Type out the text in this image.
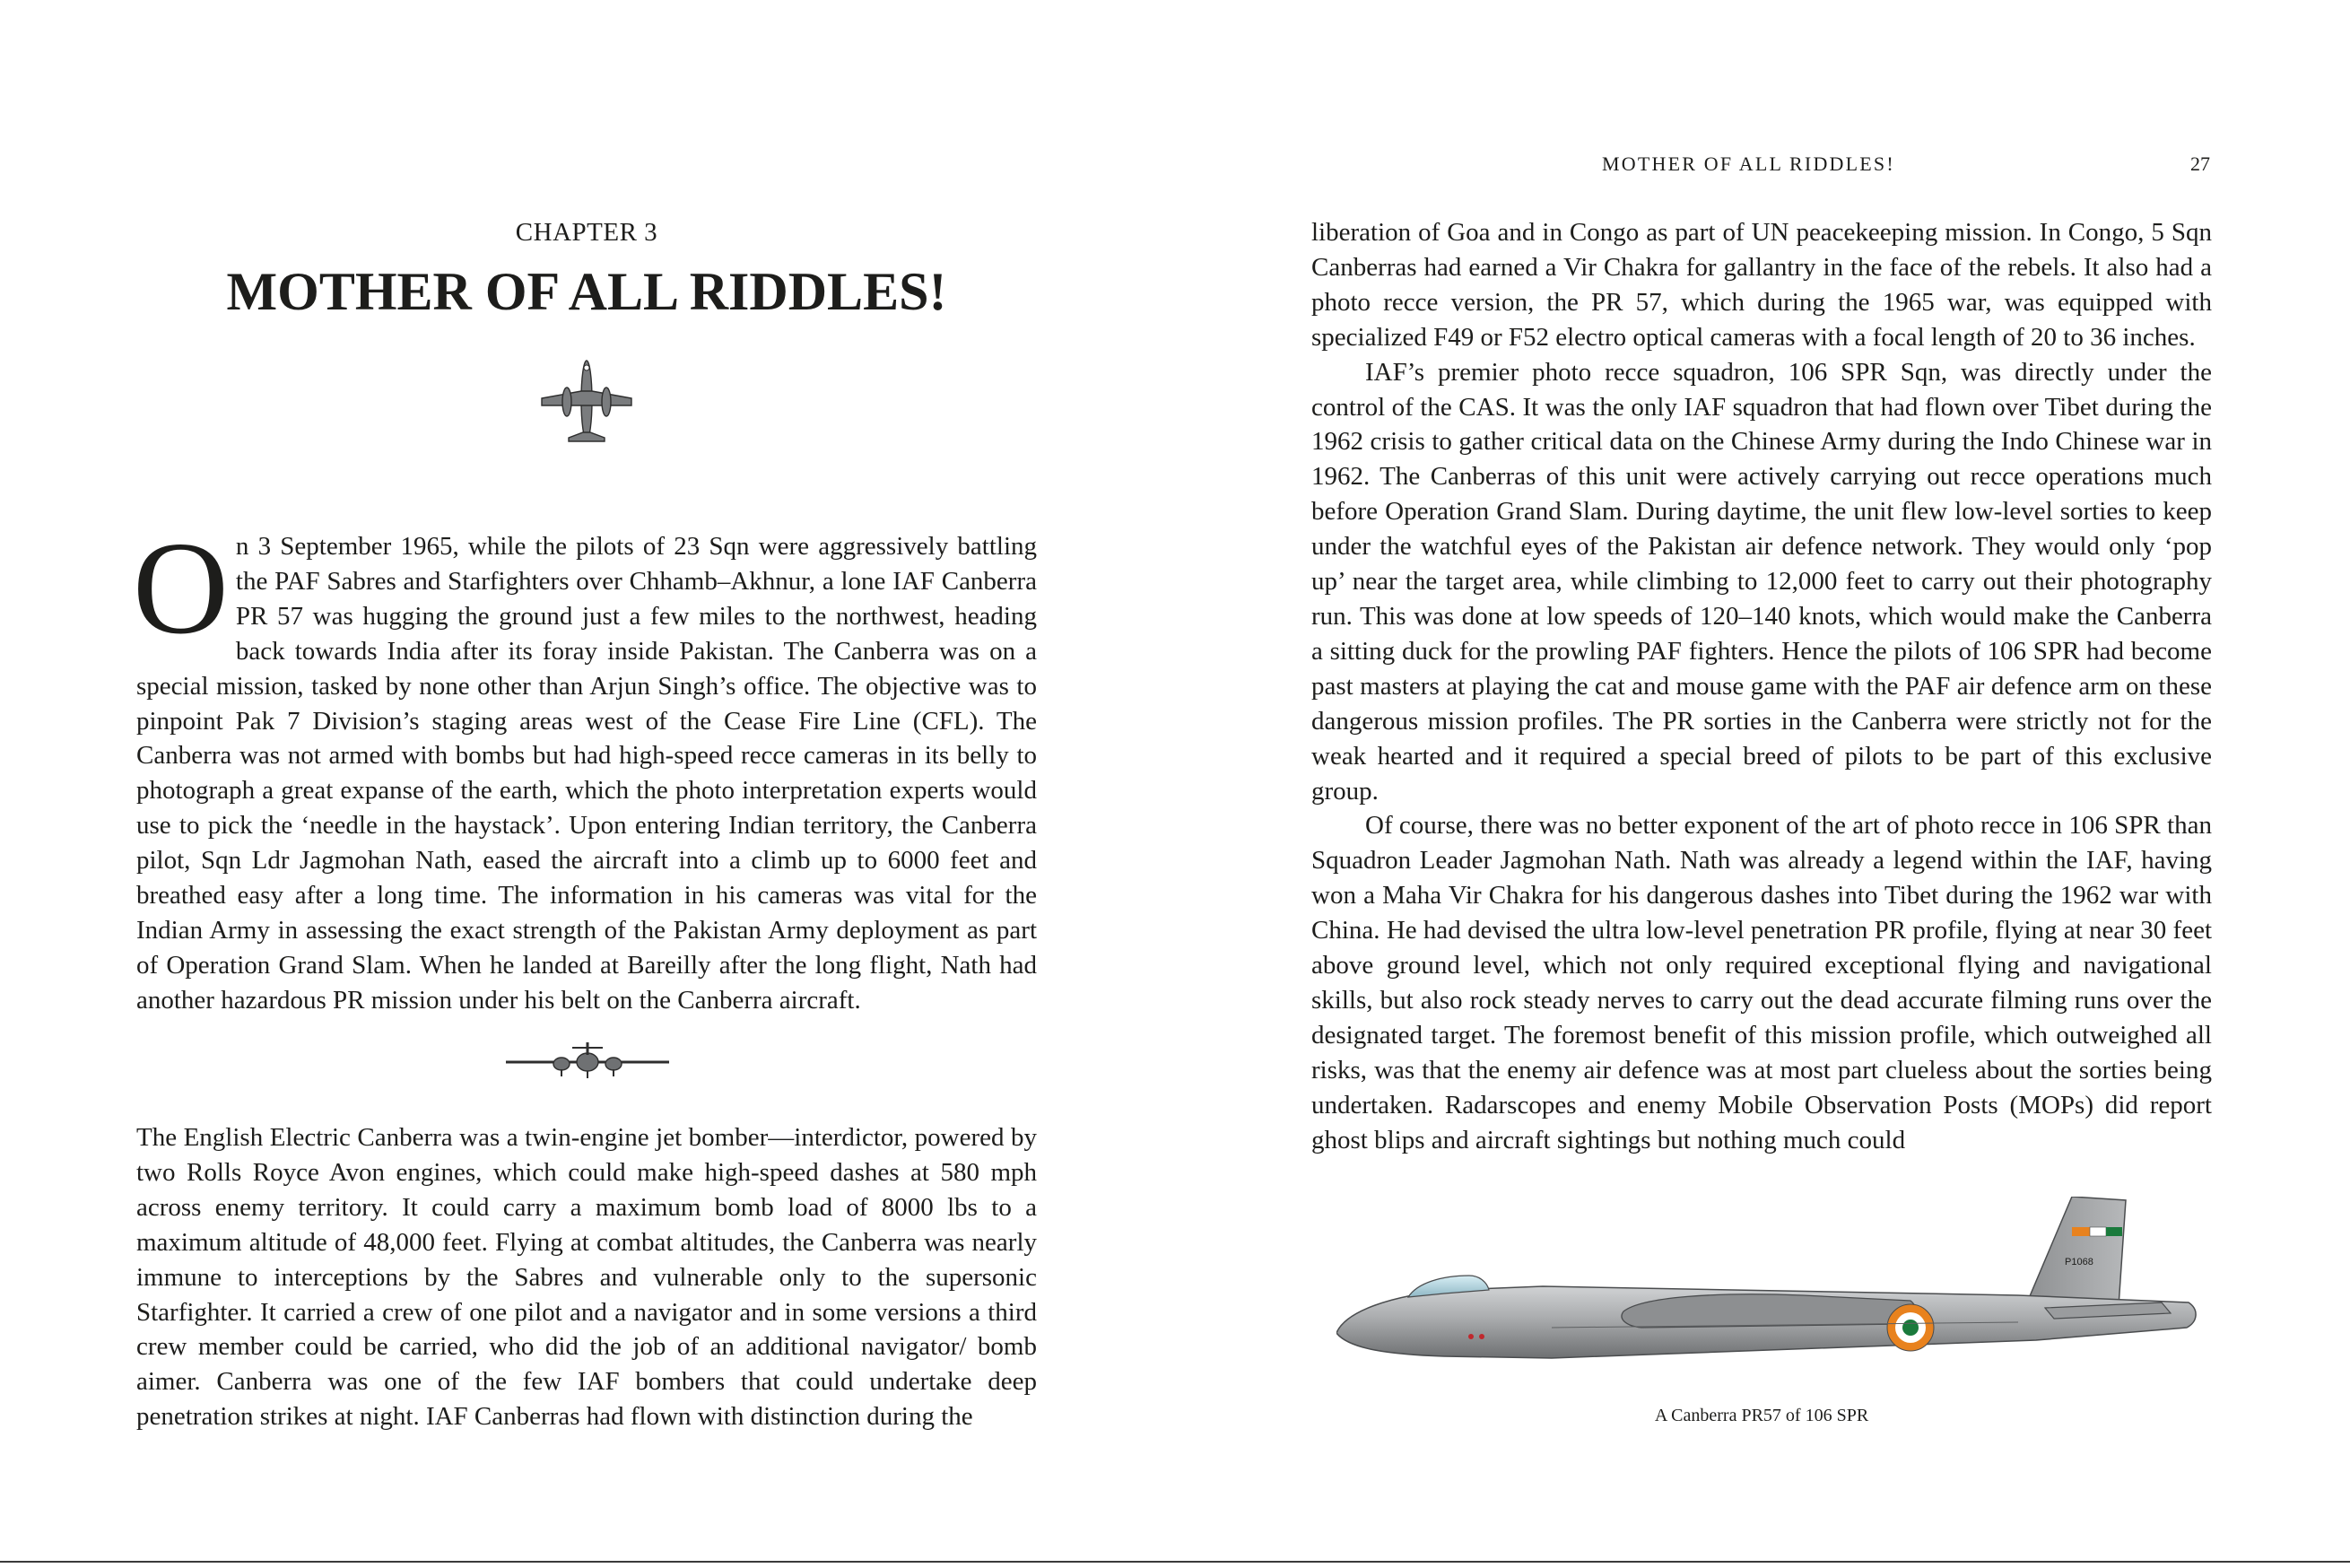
CHAPTER 3
MOTHER OF ALL RIDDLES!
On 3 September 1965, while the pilots of 23 Sqn were aggressively battling the PAF Sabres and Starfighters over Chhamb–Akhnur, a lone IAF Canberra PR 57 was hugging the ground just a few miles to the northwest, heading back towards India after its foray inside Pakistan. The Canberra was on a special mission, tasked by none other than Arjun Singh’s office. The objective was to pinpoint Pak 7 Division’s staging areas west of the Cease Fire Line (CFL). The Canberra was not armed with bombs but had high-speed recce cameras in its belly to photograph a great expanse of the earth, which the photo interpretation experts would use to pick the ‘needle in the haystack’. Upon entering Indian territory, the Canberra pilot, Sqn Ldr Jagmohan Nath, eased the aircraft into a climb up to 6000 feet and breathed easy after a long time. The information in his cameras was vital for the Indian Army in assessing the exact strength of the Pakistan Army deployment as part of Operation Grand Slam. When he landed at Bareilly after the long flight, Nath had another hazardous PR mission under his belt on the Canberra aircraft.

The English Electric Canberra was a twin-engine jet bomber—interdictor, powered by two Rolls Royce Avon engines, which could make high-speed dashes at 580 mph across enemy territory. It could carry a maximum bomb load of 8000 lbs to a maximum altitude of 48,000 feet. Flying at combat altitudes, the Canberra was nearly immune to interceptions by the Sabres and vulnerable only to the supersonic Starfighter. It carried a crew of one pilot and a navigator and in some versions a third crew member could be carried, who did the job of an additional navigator/ bomb aimer. Canberra was one of the few IAF bombers that could undertake deep penetration strikes at night. IAF Canberras had flown with distinction during the

MOTHER OF ALL RIDDLES!	27

liberation of Goa and in Congo as part of UN peacekeeping mission. In Congo, 5 Sqn Canberras had earned a Vir Chakra for gallantry in the face of the rebels. It also had a photo recce version, the PR 57, which during the 1965 war, was equipped with specialized F49 or F52 electro optical cameras with a focal length of 20 to 36 inches.

IAF’s premier photo recce squadron, 106 SPR Sqn, was directly under the control of the CAS. It was the only IAF squadron that had flown over Tibet during the 1962 crisis to gather critical data on the Chinese Army during the Indo Chinese war in 1962. The Canberras of this unit were actively carrying out recce operations much before Operation Grand Slam. During daytime, the unit flew low-level sorties to keep under the watchful eyes of the Pakistan air defence network. They would only ‘pop up’ near the target area, while climbing to 12,000 feet to carry out their photography run. This was done at low speeds of 120–140 knots, which would make the Canberra a sitting duck for the prowling PAF fighters. Hence the pilots of 106 SPR had become past masters at playing the cat and mouse game with the PAF air defence arm on these dangerous mission profiles. The PR sorties in the Canberra were strictly not for the weak hearted and it required a special breed of pilots to be part of this exclusive group.

Of course, there was no better exponent of the art of photo recce in 106 SPR than Squadron Leader Jagmohan Nath. Nath was already a legend within the IAF, having won a Maha Vir Chakra for his dangerous dashes into Tibet during the 1962 war with China. He had devised the ultra low-level penetration PR profile, flying at near 30 feet above ground level, which not only required exceptional flying and navigational skills, but also rock steady nerves to carry out the dead accurate filming runs over the designated target. The foremost benefit of this mission profile, which outweighed all risks, was that the enemy air defence was at most part clueless about the sorties being undertaken. Radarscopes and enemy Mobile Observation Posts (MOPs) did report ghost blips and aircraft sightings but nothing much could

P1068
A Canberra PR57 of 106 SPR
